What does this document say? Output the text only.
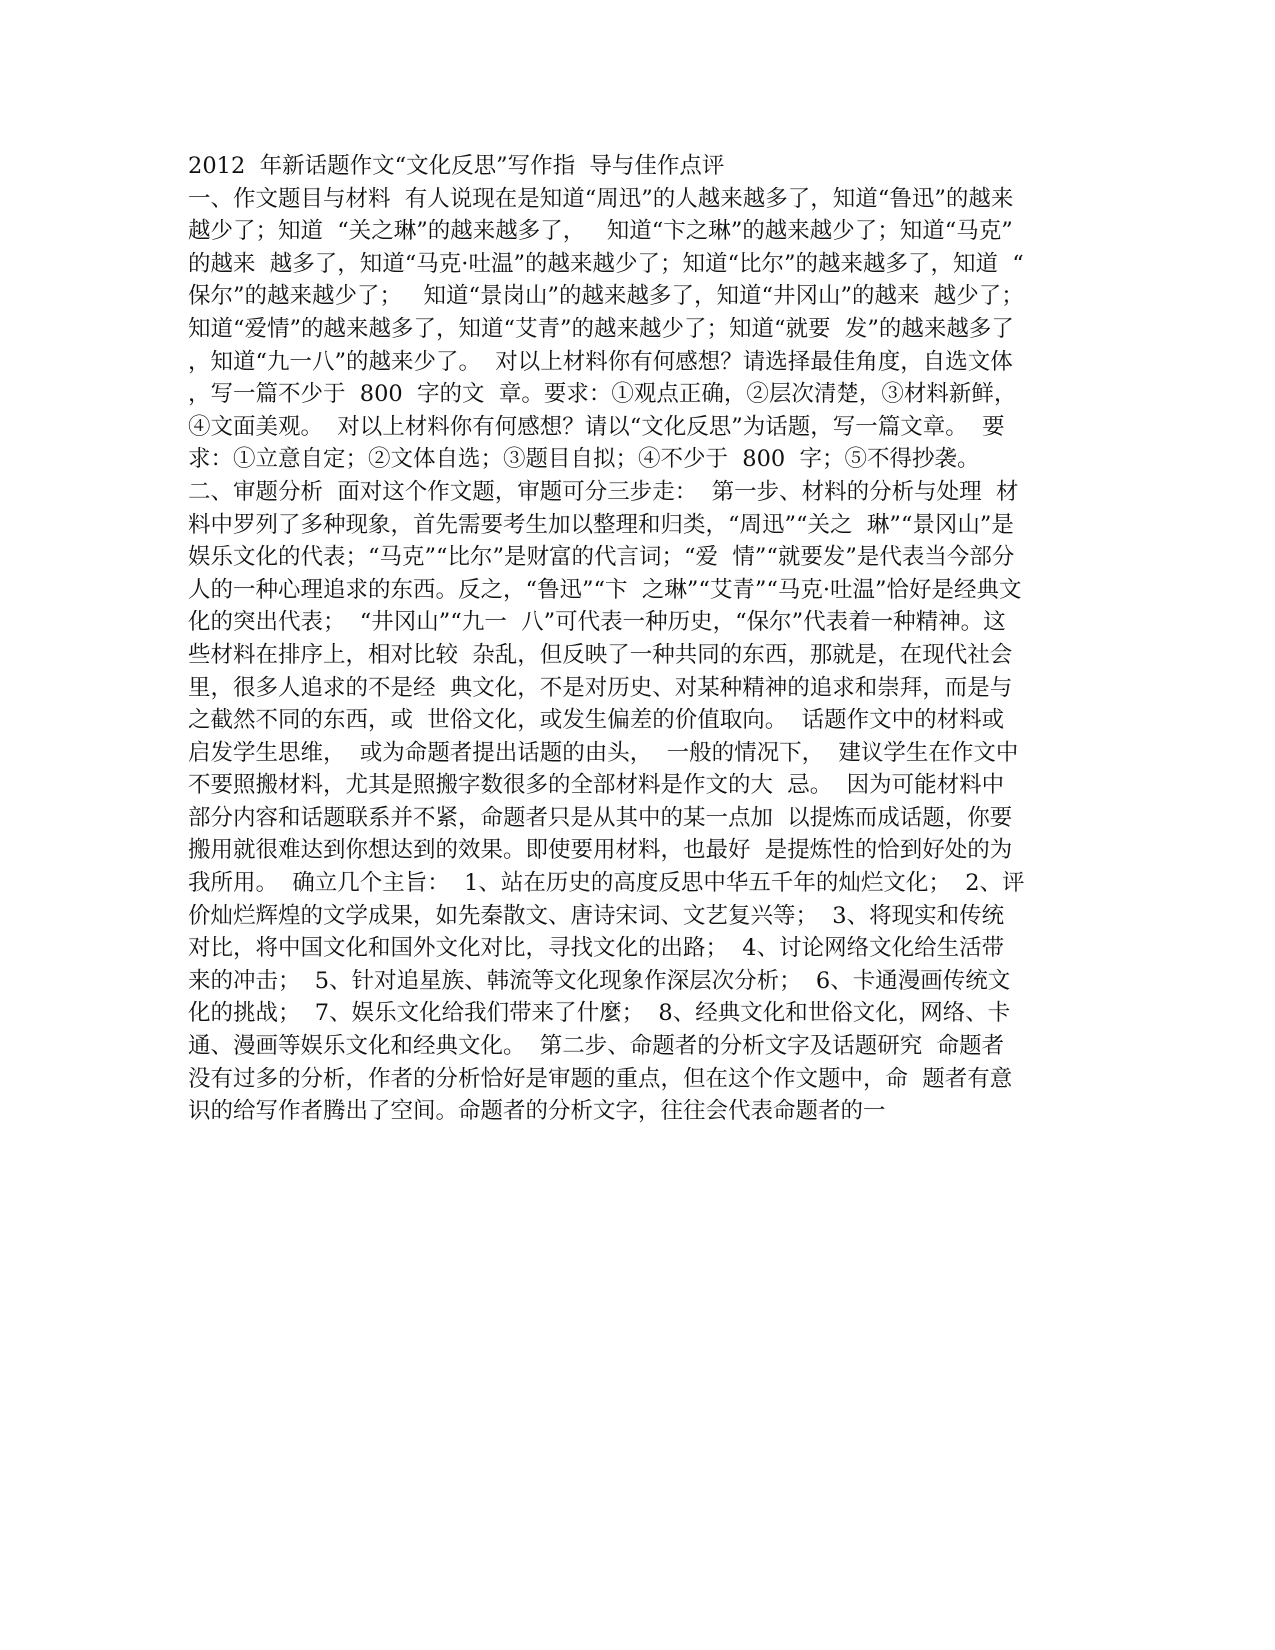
2012  年新话题作文“文化反思”写作指  导与佳作点评
一、作文题目与材料  有人说现在是知道“周迅”的人越来越多了，知道“鲁迅”的越来
越少了；知道  “关之琳”的越来越多了，   知道“卞之琳”的越来越少了；知道“马克”
的越来  越多了，知道“马克·吐温”的越来越少了；知道“比尔”的越来越多了，知道  “
保尔”的越来越少了；   知道“景岗山”的越来越多了，知道“井冈山”的越来  越少了；
知道“爱情”的越来越多了，知道“艾青”的越来越少了；知道“就要  发”的越来越多了
，知道“九一八”的越来少了。  对以上材料你有何感想？请选择最佳角度，自选文体
，写一篇不少于  800  字的文  章。要求：①观点正确，②层次清楚，③材料新鲜，
④文面美观。  对以上材料你有何感想？请以“文化反思”为话题，写一篇文章。  要
求：①立意自定；②文体自选；③题目自拟；④不少于  800  字；⑤不得抄袭。
二、审题分析  面对这个作文题，审题可分三步走：  第一步、材料的分析与处理  材
料中罗列了多种现象，首先需要考生加以整理和归类，“周迅”“关之  琳”“景冈山”是
娱乐文化的代表；“马克”“比尔”是财富的代言词；“爱  情”“就要发”是代表当今部分
人的一种心理追求的东西。反之，“鲁迅”“卞  之琳”“艾青”“马克·吐温”恰好是经典文
化的突出代表；  “井冈山”“九一  八”可代表一种历史，“保尔”代表着一种精神。这
些材料在排序上，相对比较  杂乱，但反映了一种共同的东西，那就是，在现代社会
里，很多人追求的不是经  典文化，不是对历史、对某种精神的追求和崇拜，而是与
之截然不同的东西，或  世俗文化，或发生偏差的价值取向。  话题作文中的材料或
启发学生思维，  或为命题者提出话题的由头，  一般的情况下，  建议学生在作文中
不要照搬材料，尤其是照搬字数很多的全部材料是作文的大  忌。  因为可能材料中
部分内容和话题联系并不紧，命题者只是从其中的某一点加  以提炼而成话题，你要
搬用就很难达到你想达到的效果。即使要用材料，也最好  是提炼性的恰到好处的为
我所用。  确立几个主旨：  1、站在历史的高度反思中华五千年的灿烂文化；  2、评
价灿烂辉煌的文学成果，如先秦散文、唐诗宋词、文艺复兴等；  3、将现实和传统
对比，将中国文化和国外文化对比，寻找文化的出路；  4、讨论网络文化给生活带
来的冲击；  5、针对追星族、韩流等文化现象作深层次分析；  6、卡通漫画传统文
化的挑战；  7、娱乐文化给我们带来了什麼；  8、经典文化和世俗文化，网络、卡
通、漫画等娱乐文化和经典文化。  第二步、命题者的分析文字及话题研究  命题者
没有过多的分析，作者的分析恰好是审题的重点，但在这个作文题中，命  题者有意
识的给写作者腾出了空间。命题者的分析文字，往往会代表命题者的一
